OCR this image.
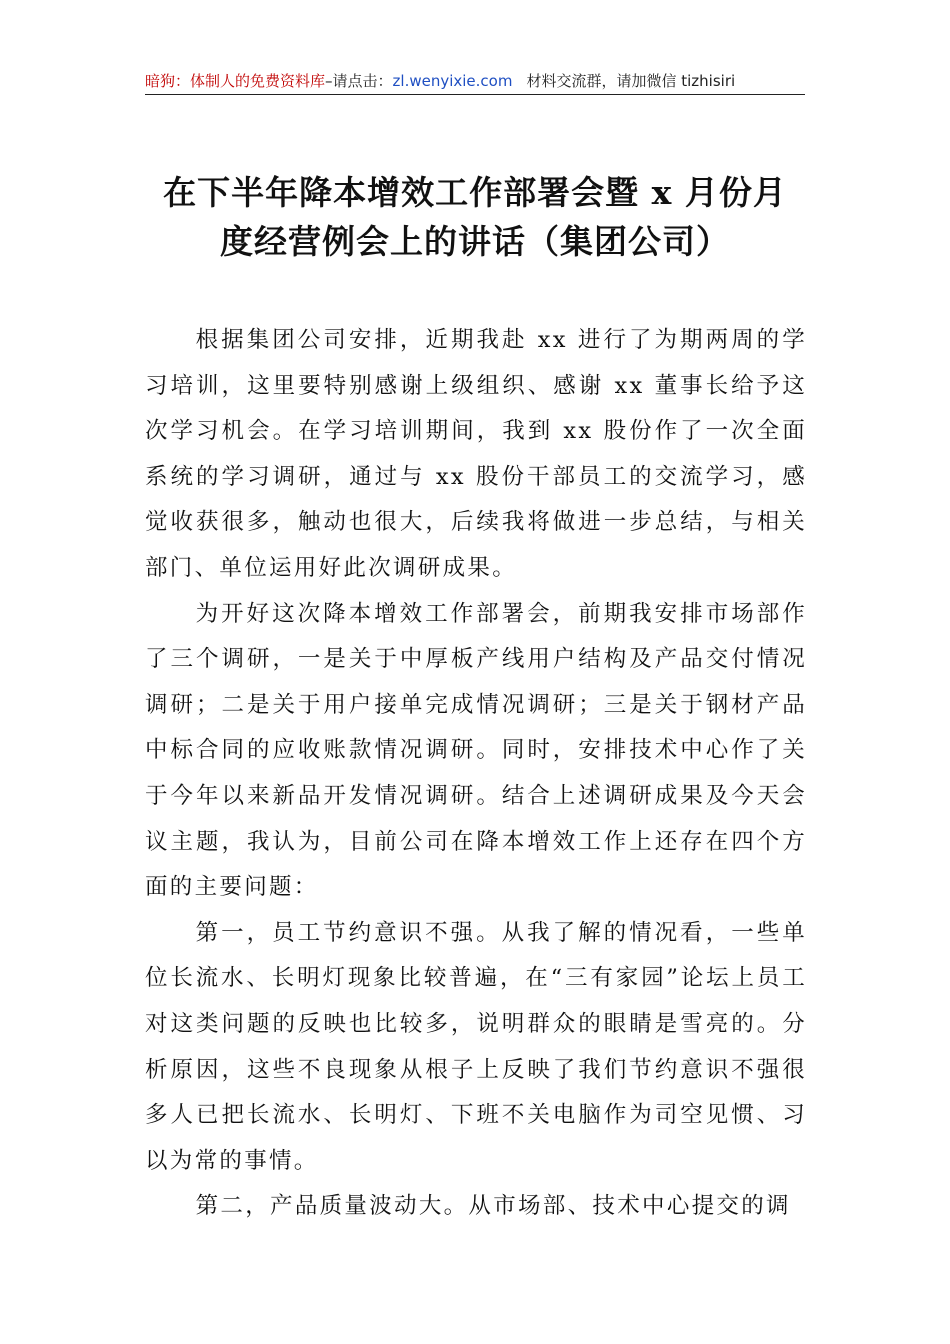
暗狗：体制人的免费资料库–请点击：zl.wenyixie.com 材料交流群，请加微信 tizhisiri
在下半年降本增效工作部署会暨 x 月份月
度经营例会上的讲话（集团公司）

根据集团公司安排，近期我赴 xx 进行了为期两周的学习培训，这里要特别感谢上级组织、感谢 xx 董事长给予这次学习机会。在学习培训期间，我到 xx 股份作了一次全面系统的学习调研，通过与 xx 股份干部员工的交流学习，感觉收获很多，触动也很大，后续我将做进一步总结，与相关部门、单位运用好此次调研成果。

为开好这次降本增效工作部署会，前期我安排市场部作了三个调研，一是关于中厚板产线用户结构及产品交付情况调研；二是关于用户接单完成情况调研；三是关于钢材产品中标合同的应收账款情况调研。同时，安排技术中心作了关于今年以来新品开发情况调研。结合上述调研成果及今天会议主题，我认为，目前公司在降本增效工作上还存在四个方面的主要问题：

第一，员工节约意识不强。从我了解的情况看，一些单位长流水、长明灯现象比较普遍，在“三有家园”论坛上员工对这类问题的反映也比较多，说明群众的眼睛是雪亮的。分析原因，这些不良现象从根子上反映了我们节约意识不强很多人已把长流水、长明灯、下班不关电脑作为司空见惯、习以为常的事情。

第二，产品质量波动大。从市场部、技术中心提交的调
